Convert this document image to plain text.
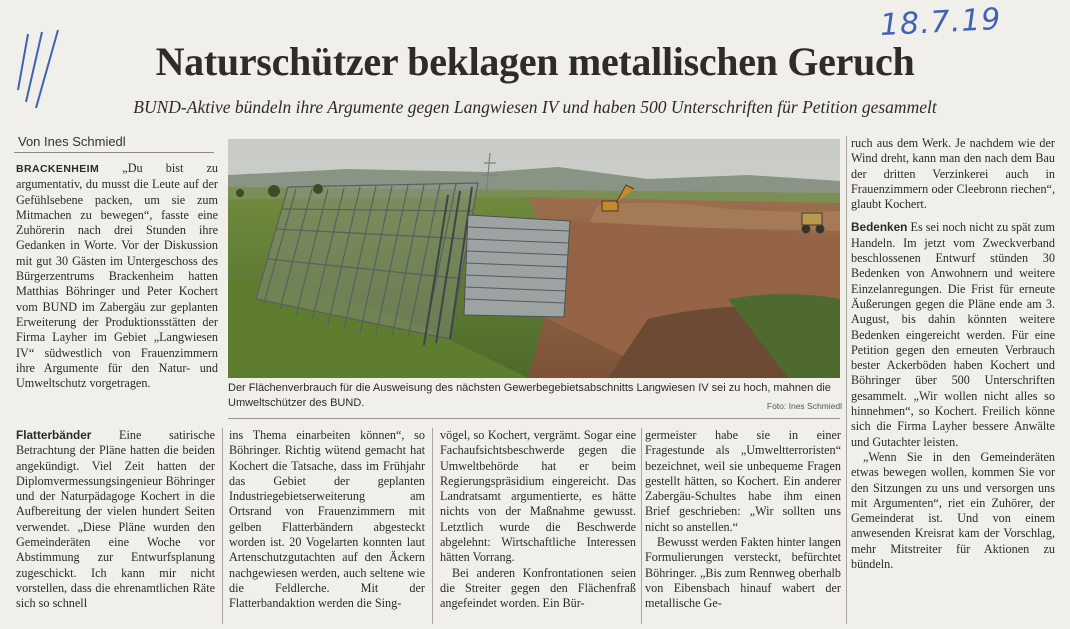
18.7.19
Naturschützer beklagen metallischen Geruch
BUND-Aktive bündeln ihre Argumente gegen Langwiesen IV und haben 500 Unterschriften für Petition gesammelt
Von Ines Schmiedl

BRACKENHEIM „Du bist zu argumentativ, du musst die Leute auf der Gefühlsebene packen, um sie zum Mitmachen zu bewegen“, fasste eine Zuhörerin nach drei Stunden ihre Gedanken in Worte. Vor der Diskussion mit gut 30 Gästen im Untergeschoss des Bürgerzentrums Brackenheim hatten Matthias Böhringer und Peter Kochert vom BUND im Zabergäu zur geplanten Erweiterung der Produktionsstätten der Firma Layher im Gebiet „Langwiesen IV“ südwestlich von Frauenzimmern ihre Argumente für den Natur- und Umweltschutz vorgetragen.	Der Flächenverbrauch für die Ausweisung des nächsten Gewerbegebietsabschnitts Langwiesen IV sei zu hoch, mahnen die Umweltschützer des BUND.	Foto: Ines Schmiedl

Flatterbänder Eine satirische Betrachtung der Pläne hatten die beiden angekündigt. Viel Zeit hatten der Diplomvermessungsingenieur Böhringer und der Naturpädagoge Kochert in die Aufbereitung der vielen hundert Seiten verwendet. „Diese Pläne wurden den Gemeinderäten eine Woche vor Abstimmung zur Entwurfsplanung zugeschickt. Ich kann mir nicht vorstellen, dass die ehrenamtlichen Räte sich so schnell

ins Thema einarbeiten können“, so Böhringer. Richtig wütend gemacht hat Kochert die Tatsache, dass im Frühjahr das Gebiet der geplanten Industriegebietserweiterung am Ortsrand von Frauenzimmern mit gelben Flatterbändern abgesteckt worden ist. 20 Vogelarten konnten laut Artenschutzgutachten auf den Äckern nachgewiesen werden, auch seltene wie die Feldlerche. Mit der Flatterbandaktion werden die Sing-

vögel, so Kochert, vergrämt. Sogar eine Fachaufsichtsbeschwerde gegen die Umweltbehörde hat er beim Regierungspräsidium eingereicht. Das Landratsamt argumentierte, es hätte nichts von der Maßnahme gewusst. Letztlich wurde die Beschwerde abgelehnt: Wirtschaftliche Interessen hätten Vorrang.

Bei anderen Konfrontationen seien die Streiter gegen den Flächenfraß angefeindet worden. Ein Bür-

germeister habe sie in einer Fragestunde als „Umweltterroristen“ bezeichnet, weil sie unbequeme Fragen gestellt hätten, so Kochert. Ein anderer Zabergäu-Schultes habe ihm einen Brief geschrieben: „Wir sollten uns nicht so anstellen.“

Bewusst werden Fakten hinter langen Formulierungen versteckt, befürchtet Böhringer. „Bis zum Rennweg oberhalb von Eibensbach hinauf wabert der metallische Ge-

ruch aus dem Werk. Je nachdem wie der Wind dreht, kann man den nach dem Bau der dritten Verzinkerei auch in Frauenzimmern oder Cleebronn riechen“, glaubt Kochert.

Bedenken Es sei noch nicht zu spät zum Handeln. Im jetzt vom Zweckverband beschlossenen Entwurf stünden 30 Bedenken von Anwohnern und weitere Einzelanregungen. Die Frist für erneute Äußerungen gegen die Pläne ende am 3. August, bis dahin könnten weitere Bedenken eingereicht werden. Für eine Petition gegen den erneuten Verbrauch bester Ackerböden haben Kochert und Böhringer über 500 Unterschriften gesammelt. „Wir wollen nicht alles so hinnehmen“, so Kochert. Freilich könne sich die Firma Layher bessere Anwälte und Gutachter leisten.

„Wenn Sie in den Gemeinderäten etwas bewegen wollen, kommen Sie vor den Sitzungen zu uns und versorgen uns mit Argumenten“, riet ein Zuhörer, der Gemeinderat ist. Und von einem anwesenden Kreisrat kam der Vorschlag, mehr Mitstreiter für Aktionen zu bündeln.
